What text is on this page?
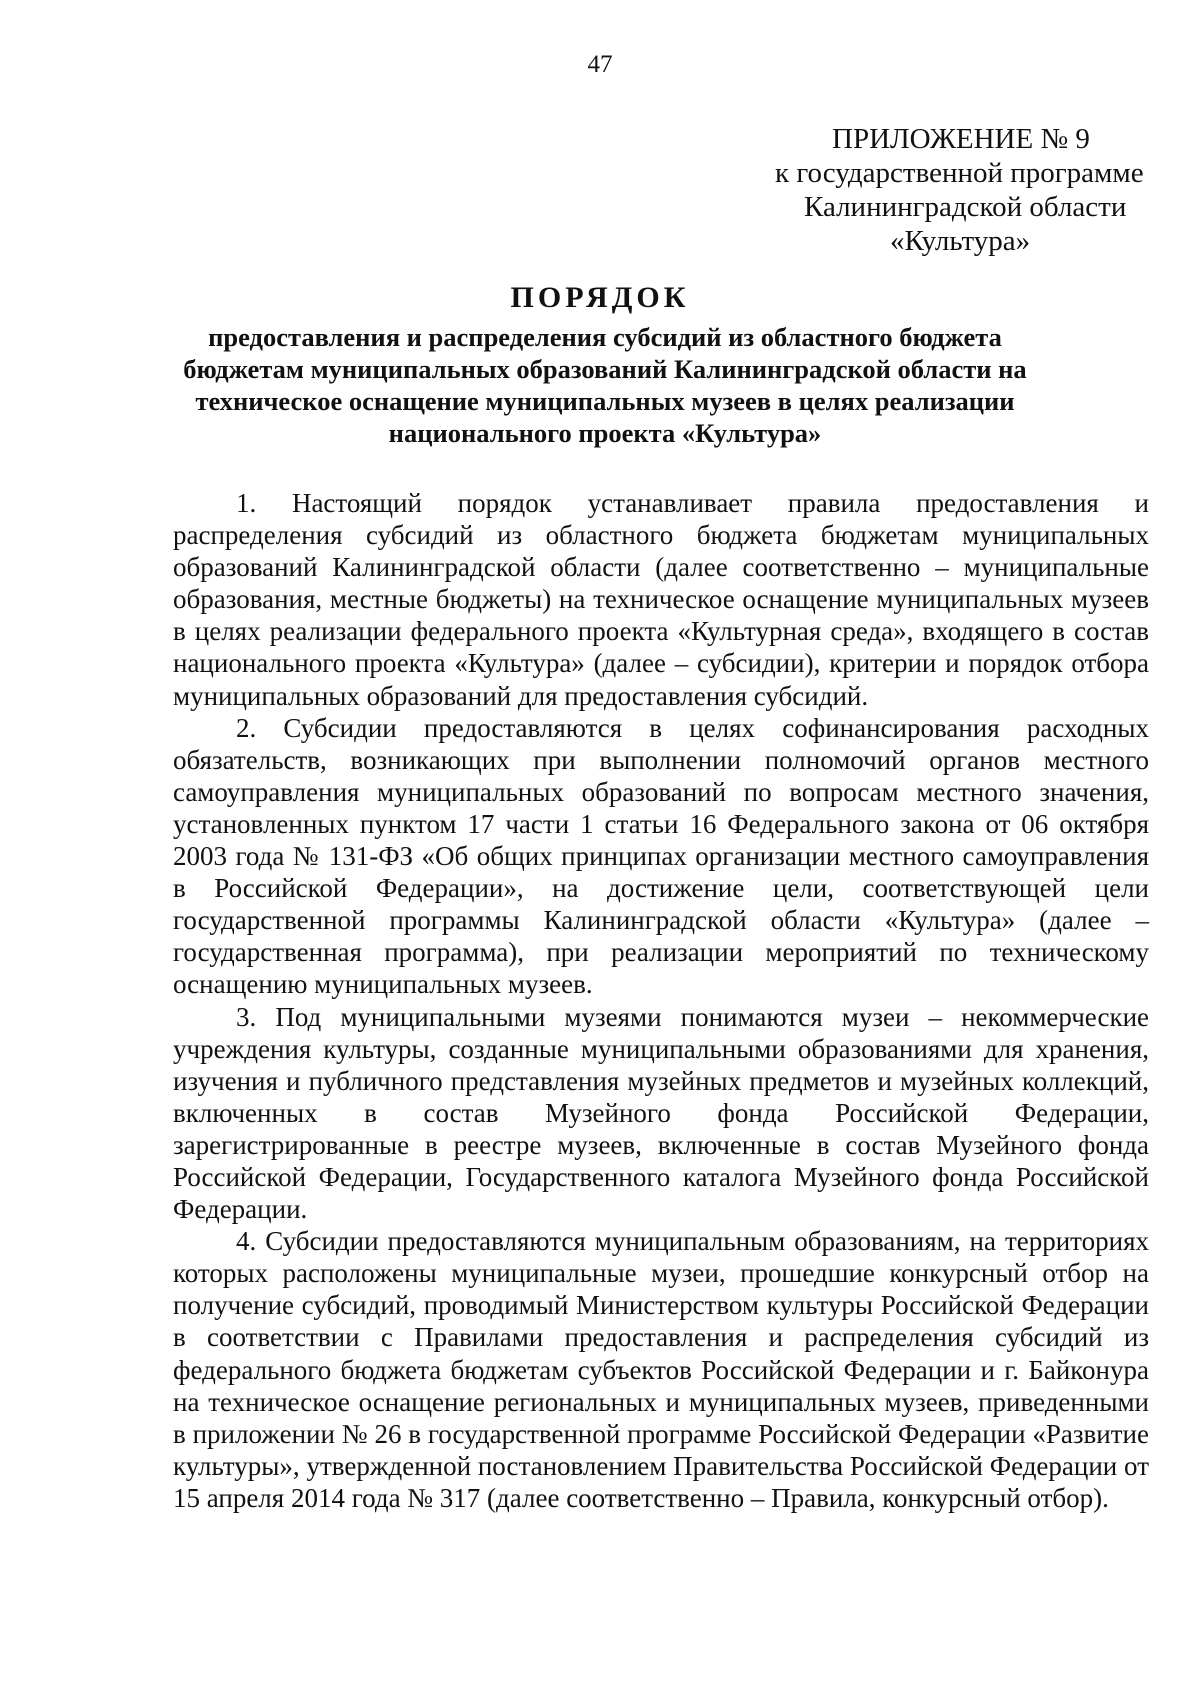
47
ПРИЛОЖЕНИЕ № 9
к государственной программе
Калининградской области
«Культура»
ПОРЯДОК
предоставления и распределения субсидий из областного бюджета
бюджетам муниципальных образований Калининградской области на
техническое оснащение муниципальных музеев в целях реализации
национального проекта «Культура»

1. Настоящий порядок устанавливает правила предоставления и распределения субсидий из областного бюджета бюджетам муниципальных образований Калининградской области (далее соответственно – муниципальные образования, местные бюджеты) на техническое оснащение муниципальных музеев в целях реализации федерального проекта «Культурная среда», входящего в состав национального проекта «Культура» (далее – субсидии), критерии и порядок отбора муниципальных образований для предоставления субсидий.

2. Субсидии предоставляются в целях софинансирования расходных обязательств, возникающих при выполнении полномочий органов местного самоуправления муниципальных образований по вопросам местного значения, установленных пунктом 17 части 1 статьи 16 Федерального закона от 06 октября 2003 года № 131-ФЗ «Об общих принципах организации местного самоуправления в Российской Федерации», на достижение цели, соответствующей цели государственной программы Калининградской области «Культура» (далее – государственная программа), при реализации мероприятий по техническому оснащению муниципальных музеев.

3. Под муниципальными музеями понимаются музеи – некоммерческие учреждения культуры, созданные муниципальными образованиями для хранения, изучения и публичного представления музейных предметов и музейных коллекций, включенных в состав Музейного фонда Российской Федерации, зарегистрированные в реестре музеев, включенные в состав Музейного фонда Российской Федерации, Государственного каталога Музейного фонда Российской Федерации.

4. Субсидии предоставляются муниципальным образованиям, на территориях которых расположены муниципальные музеи, прошедшие конкурсный отбор на получение субсидий, проводимый Министерством культуры Российской Федерации в соответствии с Правилами предоставления и распределения субсидий из федерального бюджета бюджетам субъектов Российской Федерации и г. Байконура на техническое оснащение региональных и муниципальных музеев, приведенными в приложении № 26 в государственной программе Российской Федерации «Развитие культуры», утвержденной постановлением Правительства Российской Федерации от 15 апреля 2014 года № 317 (далее соответственно – Правила, конкурсный отбор).
